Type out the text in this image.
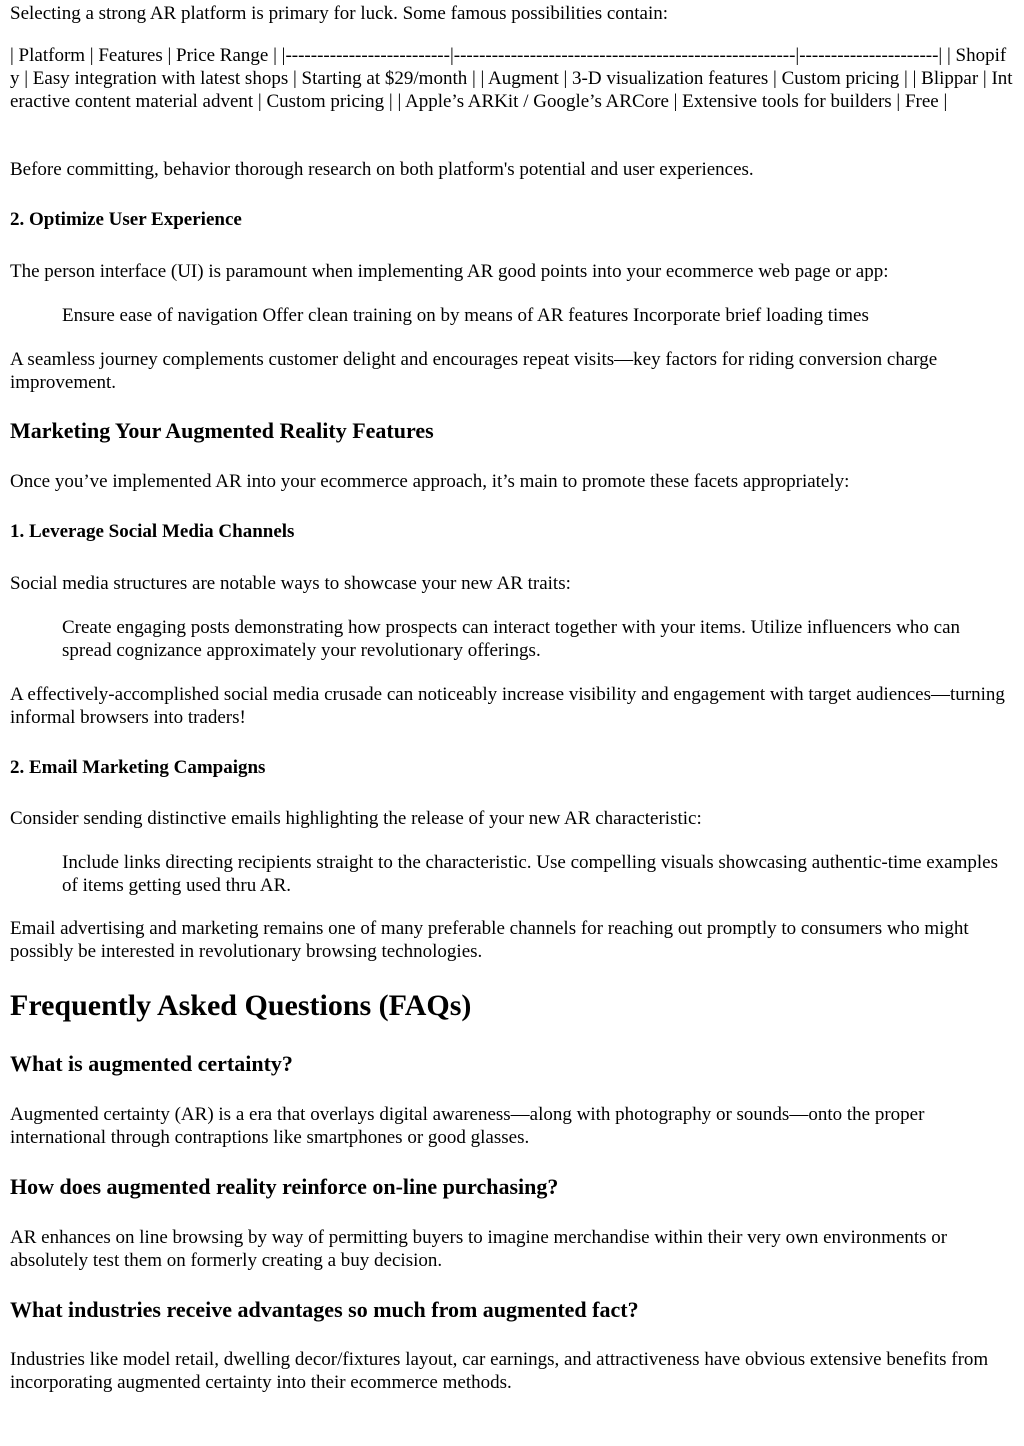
Selecting a strong AR platform is primary for luck. Some famous possibilities contain:

| Platform | Features | Price Range | |--------------------------|------------------------------------------------------|----------------------| | Shopify | Easy integration with latest shops | Starting at $29/month | | Augment | 3-D visualization features | Custom pricing | | Blippar | Interactive content material advent | Custom pricing | | Apple’s ARKit / Google’s ARCore | Extensive tools for builders | Free |

Before committing, behavior thorough research on both platform's potential and user experiences.

2. Optimize User Experience

The person interface (UI) is paramount when implementing AR good points into your ecommerce web page or app:

Ensure ease of navigation Offer clean training on by means of AR features Incorporate brief loading times

A seamless journey complements customer delight and encourages repeat visits—key factors for riding conversion charge improvement.

Marketing Your Augmented Reality Features

Once you’ve implemented AR into your ecommerce approach, it’s main to promote these facets appropriately:

1. Leverage Social Media Channels

Social media structures are notable ways to showcase your new AR traits:

Create engaging posts demonstrating how prospects can interact together with your items. Utilize influencers who can spread cognizance approximately your revolutionary offerings.

A effectively-accomplished social media crusade can noticeably increase visibility and engagement with target audiences—turning informal browsers into traders!

2. Email Marketing Campaigns

Consider sending distinctive emails highlighting the release of your new AR characteristic:

Include links directing recipients straight to the characteristic. Use compelling visuals showcasing authentic-time examples of items getting used thru AR.

Email advertising and marketing remains one of many preferable channels for reaching out promptly to consumers who might possibly be interested in revolutionary browsing technologies.

Frequently Asked Questions (FAQs)
What is augmented certainty?

Augmented certainty (AR) is a era that overlays digital awareness—along with photography or sounds—onto the proper international through contraptions like smartphones or good glasses.

How does augmented reality reinforce on-line purchasing?

AR enhances on line browsing by way of permitting buyers to imagine merchandise within their very own environments or absolutely test them on formerly creating a buy decision.

What industries receive advantages so much from augmented fact?

Industries like model retail, dwelling decor/fixtures layout, car earnings, and attractiveness have obvious extensive benefits from incorporating augmented certainty into their ecommerce methods.
